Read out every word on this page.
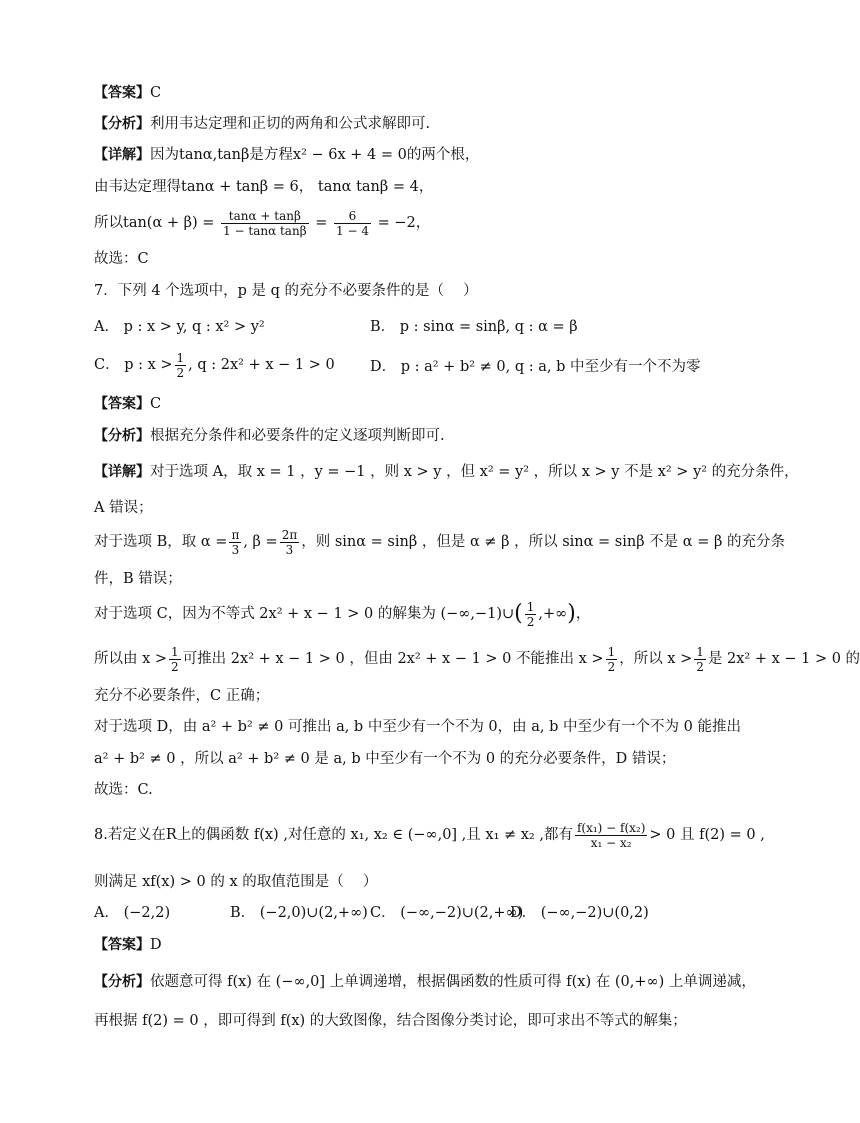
【答案】C
【分析】利用韦达定理和正切的两角和公式求解即可.
【详解】因为tanα,tanβ是方程x² − 6x + 4 = 0的两个根，
由韦达定理得tanα + tanβ = 6， tanα tanβ = 4，
所以$\tan(\alpha + \beta) = \frac{\tan\alpha + \tan\beta}{\text{1 − tanα tanβ}} = \frac{6}{1 - 4} = -2$，
故选：C
7．下列 4 个选项中，p 是 q 的充分不必要条件的是（　 ）
A． p : x > y, q : x² > y²	B． p : sinα = sinβ, q : α = β
C． p : $x > \frac{1}{2}$ , q : 2x² + x − 1 > 0 D． p : a² + b² ≠ 0, q : a, b 中至少有一个不为零
【答案】C
【分析】根据充分条件和必要条件的定义逐项判断即可.
【详解】对于选项 A，取 x = 1 ，y = −1 ，则 x > y ，但 x² = y² ，所以 x > y 不是 x² > y² 的充分条件，
A 错误；
对于选项 B，取 $\alpha = \frac{\pi}{3}$ , $\beta = \frac{2\pi}{3}$ ，则 sinα = sinβ ，但是 α ≠ β ，所以 sinα = sinβ 不是 α = β 的充分条
件，B 错误；
对于选项 C，因为不等式 2x² + x − 1 > 0 的解集为 (−∞,−1)∪( $\frac{1}{2}$ ,+∞)，
所以由 $x > \frac{1}{2}$ 可推出 2x² + x − 1 > 0 ，但由 2x² + x − 1 > 0 不能推出 $x > \frac{1}{2}$ ，所以 $x > \frac{1}{2}$ 是 2x² + x − 1 > 0 的
充分不必要条件，C 正确；
对于选项 D，由 a² + b² ≠ 0 可推出 a, b 中至少有一个不为 0，由 a, b 中至少有一个不为 0 能推出
a² + b² ≠ 0 ，所以 a² + b² ≠ 0 是 a, b 中至少有一个不为 0 的充分必要条件，D 错误；
故选：C.
8.若定义在R上的偶函数 f(x) ,对任意的 x₁, x₂ ∈ (−∞,0] ,且 x₁ ≠ x₂ ,都有 $\frac{\text{f(x₁) − f(x₂)}}{\text{x₁ − x₂}} > 0$ 且 f(2) = 0 ,
则满足 xf(x) > 0 的 x 的取值范围是（　 ）
A． (−2,2)	B． (−2,0)∪(2,+∞) C． (−∞,−2)∪(2,+∞)
D． (−∞,−2)∪(0,2)
【答案】D
【分析】依题意可得 f(x) 在 (−∞,0] 上单调递增，根据偶函数的性质可得 f(x) 在 (0,+∞) 上单调递减，
再根据 f(2) = 0 ，即可得到 f(x) 的大致图像，结合图像分类讨论，即可求出不等式的解集；
